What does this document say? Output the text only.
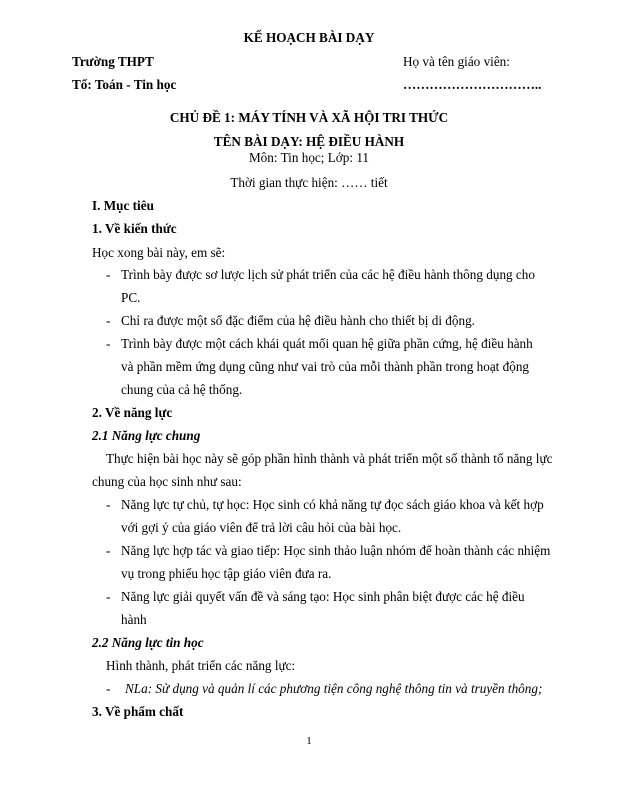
KẾ HOẠCH BÀI DẠY
Trường THPT	Họ và tên giáo viên:
Tổ: Toán - Tin học	…………………………..
CHỦ ĐỀ 1: MÁY TÍNH VÀ XÃ HỘI TRI THỨC
TÊN BÀI DẠY: HỆ ĐIỀU HÀNH
Môn: Tin học; Lớp: 11
Thời gian thực hiện: …… tiết
I. Mục tiêu
1. Về kiến thức
Học xong bài này, em sẽ:
- Trình bày được sơ lược lịch sử phát triển của các hệ điều hành thông dụng cho
PC.
- Chỉ ra được một số đặc điểm của hệ điều hành cho thiết bị di động.
- Trình bày được một cách khái quát mối quan hệ giữa phần cứng, hệ điều hành
và phần mềm ứng dụng cũng như vai trò của mỗi thành phần trong hoạt động
chung của cả hệ thống.
2. Về năng lực
2.1 Năng lực chung
Thực hiện bài học này sẽ góp phần hình thành và phát triển một số thành tố năng lực
chung của học sinh như sau:
- Năng lực tự chủ, tự học: Học sinh có khả năng tự đọc sách giáo khoa và kết hợp
với gợi ý của giáo viên để trả lời câu hỏi của bài học.
- Năng lực hợp tác và giao tiếp: Học sinh thảo luận nhóm để hoàn thành các nhiệm
vụ trong phiếu học tập giáo viên đưa ra.
- Năng lực giải quyết vấn đề và sáng tạo: Học sinh phân biệt được các hệ điều
hành
2.2 Năng lực tin học
Hình thành, phát triển các năng lực:
- NLa: Sử dụng và quản lí các phương tiện công nghệ thông tin và truyền thông;
3. Về phẩm chất
1
